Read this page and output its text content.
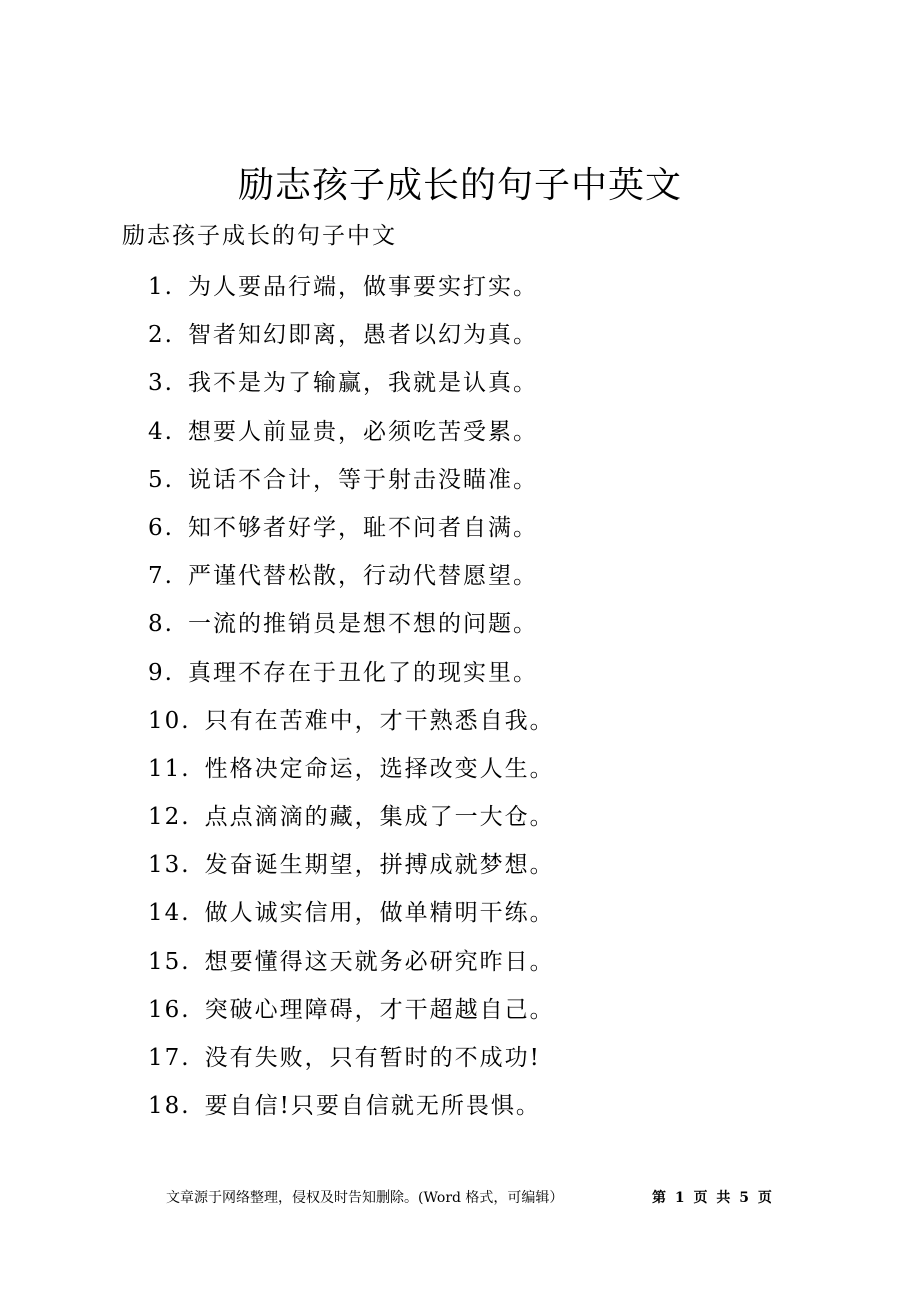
励志孩子成长的句子中英文
励志孩子成长的句子中文
1. 为人要品行端，做事要实打实。
2. 智者知幻即离，愚者以幻为真。
3. 我不是为了输赢，我就是认真。
4. 想要人前显贵，必须吃苦受累。
5. 说话不合计，等于射击没瞄准。
6. 知不够者好学，耻不问者自满。
7. 严谨代替松散，行动代替愿望。
8. 一流的推销员是想不想的问题。
9. 真理不存在于丑化了的现实里。
10. 只有在苦难中，才干熟悉自我。
11. 性格决定命运，选择改变人生。
12. 点点滴滴的藏，集成了一大仓。
13. 发奋诞生期望，拼搏成就梦想。
14. 做人诚实信用，做单精明干练。
15. 想要懂得这天就务必研究昨日。
16. 突破心理障碍，才干超越自己。
17. 没有失败，只有暂时的不成功!
18. 要自信!只要自信就无所畏惧。
文章源于网络整理，侵权及时告知删除。(Word 格式，可编辑）	第 1 页 共 5 页
